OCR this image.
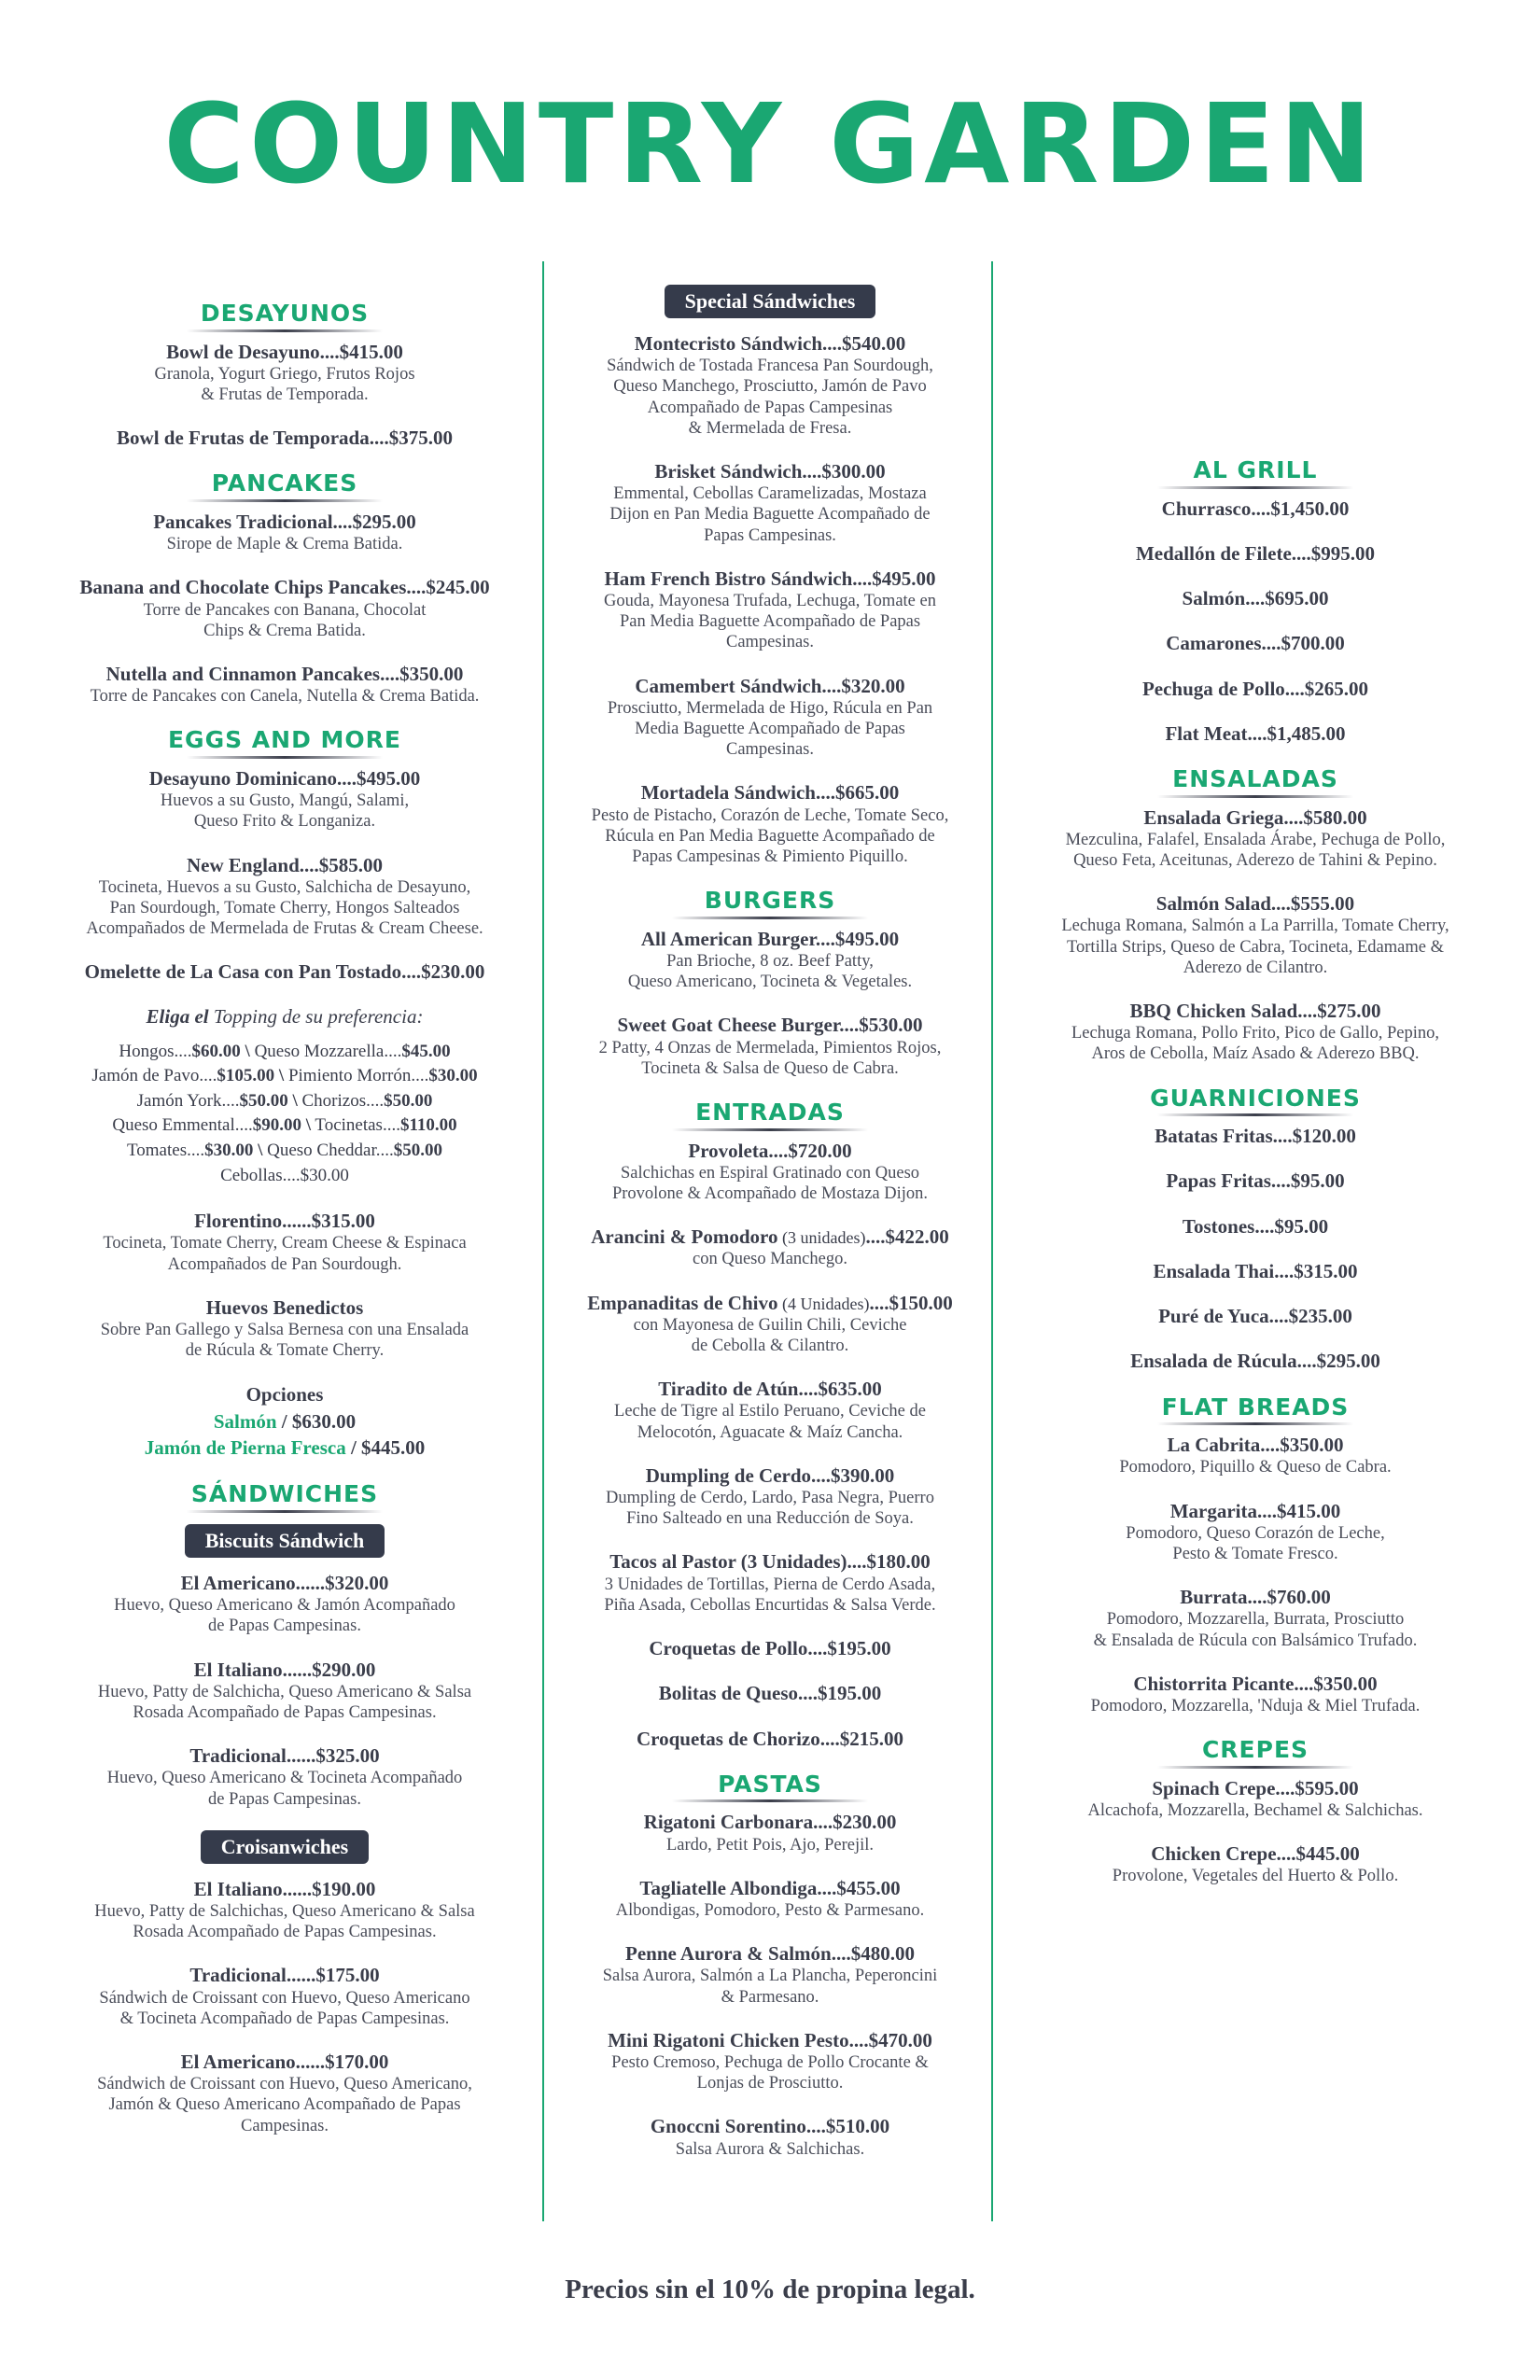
COUNTRY GARDEN
DESAYUNOS
Bowl de Desayuno....$415.00
Granola, Yogurt Griego, Frutos Rojos
& Frutas de Temporada.
Bowl de Frutas de Temporada....$375.00
PANCAKES
Pancakes Tradicional....$295.00
Sirope de Maple & Crema Batida.
Banana and Chocolate Chips Pancakes....$245.00
Torre de Pancakes con Banana, Chocolat
Chips & Crema Batida.
Nutella and Cinnamon Pancakes....$350.00
Torre de Pancakes con Canela, Nutella & Crema Batida.
EGGS AND MORE
Desayuno Dominicano....$495.00
Huevos a su Gusto, Mangú, Salami,
Queso Frito & Longaniza.
New England....$585.00
Tocineta, Huevos a su Gusto, Salchicha de Desayuno,
Pan Sourdough, Tomate Cherry, Hongos Salteados
Acompañados de Mermelada de Frutas & Cream Cheese.
Omelette de La Casa con Pan Tostado....$230.00
Eliga el Topping de su preferencia:
Hongos....$60.00 \ Queso Mozzarella....$45.00
Jamón de Pavo....$105.00 \ Pimiento Morrón....$30.00
Jamón York....$50.00 \ Chorizos....$50.00
Queso Emmental....$90.00 \ Tocinetas....$110.00
Tomates....$30.00 \ Queso Cheddar....$50.00
Cebollas....$30.00
Florentino......$315.00
Tocineta, Tomate Cherry, Cream Cheese & Espinaca
Acompañados de Pan Sourdough.
Huevos Benedictos
Sobre Pan Gallego y Salsa Bernesa con una Ensalada
de Rúcula & Tomate Cherry.
Opciones
Salmón / $630.00
Jamón de Pierna Fresca / $445.00
SÁNDWICHES
Biscuits Sándwich
El Americano......$320.00
Huevo, Queso Americano & Jamón Acompañado
de Papas Campesinas.
El Italiano......$290.00
Huevo, Patty de Salchicha, Queso Americano & Salsa
Rosada Acompañado de Papas Campesinas.
Tradicional......$325.00
Huevo, Queso Americano & Tocineta Acompañado
de Papas Campesinas.
Croisanwiches
El Italiano......$190.00
Huevo, Patty de Salchichas, Queso Americano & Salsa
Rosada Acompañado de Papas Campesinas.
Tradicional......$175.00
Sándwich de Croissant con Huevo, Queso Americano
& Tocineta Acompañado de Papas Campesinas.
El Americano......$170.00
Sándwich de Croissant con Huevo, Queso Americano,
Jamón & Queso Americano Acompañado de Papas
Campesinas.
Special Sándwiches
Montecristo Sándwich....$540.00
Sándwich de Tostada Francesa Pan Sourdough,
Queso Manchego, Prosciutto, Jamón de Pavo
Acompañado de Papas Campesinas
& Mermelada de Fresa.
Brisket Sándwich....$300.00
Emmental, Cebollas Caramelizadas, Mostaza
Dijon en Pan Media Baguette Acompañado de
Papas Campesinas.
Ham French Bistro Sándwich....$495.00
Gouda, Mayonesa Trufada, Lechuga, Tomate en
Pan Media Baguette Acompañado de Papas
Campesinas.
Camembert Sándwich....$320.00
Prosciutto, Mermelada de Higo, Rúcula en Pan
Media Baguette Acompañado de Papas
Campesinas.
Mortadela Sándwich....$665.00
Pesto de Pistacho, Corazón de Leche, Tomate Seco,
Rúcula en Pan Media Baguette Acompañado de
Papas Campesinas & Pimiento Piquillo.
BURGERS
All American Burger....$495.00
Pan Brioche, 8 oz. Beef Patty,
Queso Americano, Tocineta & Vegetales.
Sweet Goat Cheese Burger....$530.00
2 Patty, 4 Onzas de Mermelada, Pimientos Rojos,
Tocineta & Salsa de Queso de Cabra.
ENTRADAS
Provoleta....$720.00
Salchichas en Espiral Gratinado con Queso
Provolone & Acompañado de Mostaza Dijon.
Arancini & Pomodoro (3 unidades)....$422.00
con Queso Manchego.
Empanaditas de Chivo (4 Unidades)....$150.00
con Mayonesa de Guilin Chili, Ceviche
de Cebolla & Cilantro.
Tiradito de Atún....$635.00
Leche de Tigre al Estilo Peruano, Ceviche de
Melocotón, Aguacate & Maíz Cancha.
Dumpling de Cerdo....$390.00
Dumpling de Cerdo, Lardo, Pasa Negra, Puerro
Fino Salteado en una Reducción de Soya.
Tacos al Pastor (3 Unidades)....$180.00
3 Unidades de Tortillas, Pierna de Cerdo Asada,
Piña Asada, Cebollas Encurtidas & Salsa Verde.
Croquetas de Pollo....$195.00
Bolitas de Queso....$195.00
Croquetas de Chorizo....$215.00
PASTAS
Rigatoni Carbonara....$230.00
Lardo, Petit Pois, Ajo, Perejil.
Tagliatelle Albondiga....$455.00
Albondigas, Pomodoro, Pesto & Parmesano.
Penne Aurora & Salmón....$480.00
Salsa Aurora, Salmón a La Plancha, Peperoncini
& Parmesano.
Mini Rigatoni Chicken Pesto....$470.00
Pesto Cremoso, Pechuga de Pollo Crocante &
Lonjas de Prosciutto.
Gnoccni Sorentino....$510.00
Salsa Aurora & Salchichas.
AL GRILL
Churrasco....$1,450.00
Medallón de Filete....$995.00
Salmón....$695.00
Camarones....$700.00
Pechuga de Pollo....$265.00
Flat Meat....$1,485.00
ENSALADAS
Ensalada Griega....$580.00
Mezculina, Falafel, Ensalada Árabe, Pechuga de Pollo,
Queso Feta, Aceitunas, Aderezo de Tahini & Pepino.
Salmón Salad....$555.00
Lechuga Romana, Salmón a La Parrilla, Tomate Cherry,
Tortilla Strips, Queso de Cabra, Tocineta, Edamame &
Aderezo de Cilantro.
BBQ Chicken Salad....$275.00
Lechuga Romana, Pollo Frito, Pico de Gallo, Pepino,
Aros de Cebolla, Maíz Asado & Aderezo BBQ.
GUARNICIONES
Batatas Fritas....$120.00
Papas Fritas....$95.00
Tostones....$95.00
Ensalada Thai....$315.00
Puré de Yuca....$235.00
Ensalada de Rúcula....$295.00
FLAT BREADS
La Cabrita....$350.00
Pomodoro, Piquillo & Queso de Cabra.
Margarita....$415.00
Pomodoro, Queso Corazón de Leche,
Pesto & Tomate Fresco.
Burrata....$760.00
Pomodoro, Mozzarella, Burrata, Prosciutto
& Ensalada de Rúcula con Balsámico Trufado.
Chistorrita Picante....$350.00
Pomodoro, Mozzarella, 'Nduja & Miel Trufada.
CREPES
Spinach Crepe....$595.00
Alcachofa, Mozzarella, Bechamel & Salchichas.
Chicken Crepe....$445.00
Provolone, Vegetales del Huerto & Pollo.
Precios sin el 10% de propina legal.
